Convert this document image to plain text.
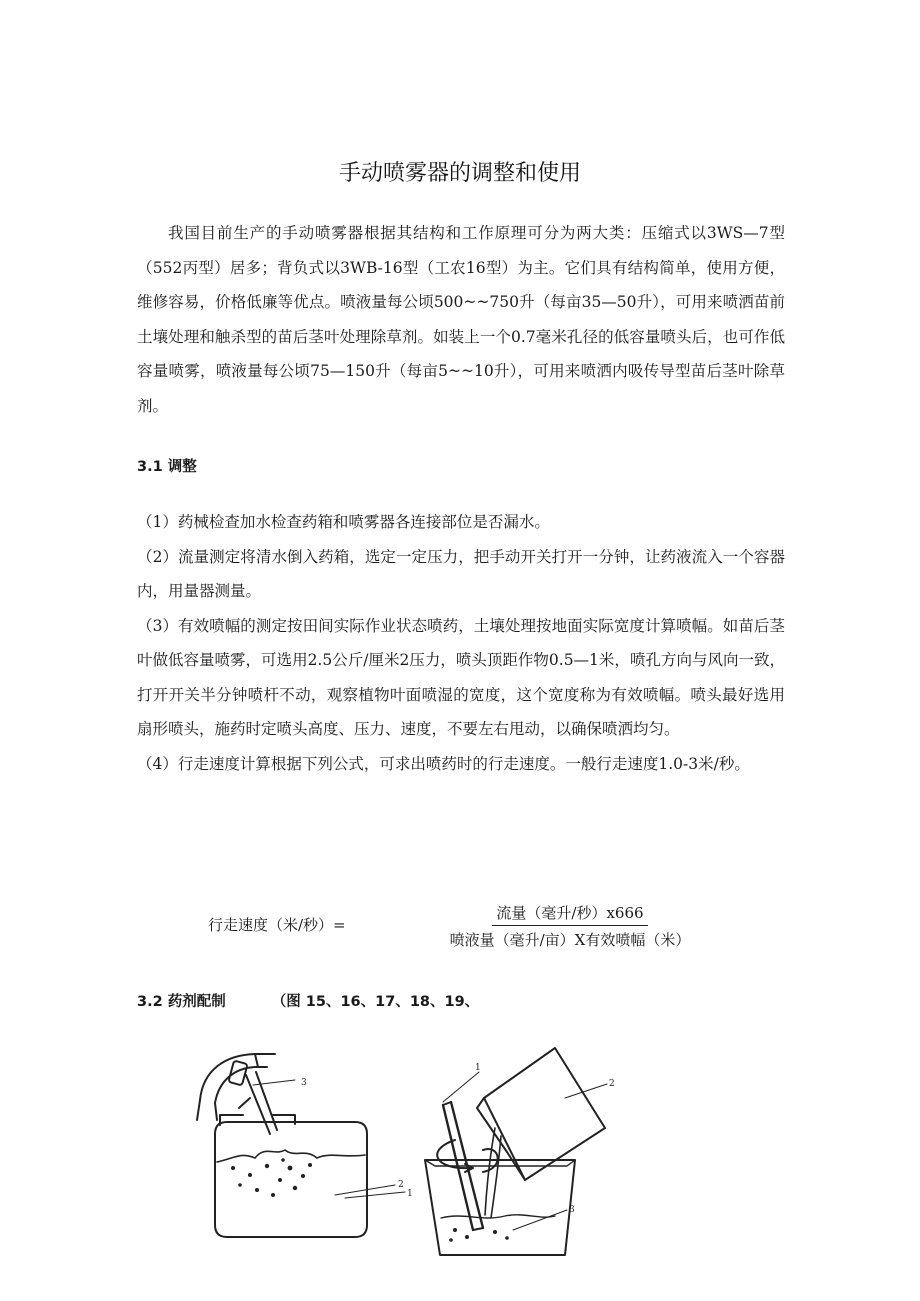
手动喷雾器的调整和使用
我国目前生产的手动喷雾器根据其结构和工作原理可分为两大类：压缩式以3WS—7型（552丙型）居多；背负式以3WB-16型（工农16型）为主。它们具有结构简单，使用方便，维修容易，价格低廉等优点。喷液量每公顷500~~750升（每亩35—50升），可用来喷洒苗前土壤处理和触杀型的苗后茎叶处理除草剂。如装上一个0.7毫米孔径的低容量喷头后，也可作低容量喷雾，喷液量每公顷75—150升（每亩5~~10升），可用来喷洒内吸传导型苗后茎叶除草剂。
3.1 调整

（1）药械检查加水检查药箱和喷雾器各连接部位是否漏水。

（2）流量测定将清水倒入药箱，选定一定压力，把手动开关打开一分钟，让药液流入一个容器内，用量器测量。

（3）有效喷幅的测定按田间实际作业状态喷药，土壤处理按地面实际宽度计算喷幅。如苗后茎叶做低容量喷雾，可选用2.5公斤/厘米2压力，喷头顶距作物0.5—1米，喷孔方向与风向一致，打开开关半分钟喷杆不动，观察植物叶面喷湿的宽度，这个宽度称为有效喷幅。喷头最好选用扇形喷头，施药时定喷头高度、压力、速度，不要左右甩动，以确保喷洒均匀。

（4）行走速度计算根据下列公式，可求出喷药时的行走速度。一般行走速度1.0-3米/秒。

行走速度（米/秒）=
流量（毫升/秒）x666
喷液量（毫升/亩）X有效喷幅（米）
3.2 药剂配制	（图 15、16、17、18、19、
3
2
1
1
2
3
